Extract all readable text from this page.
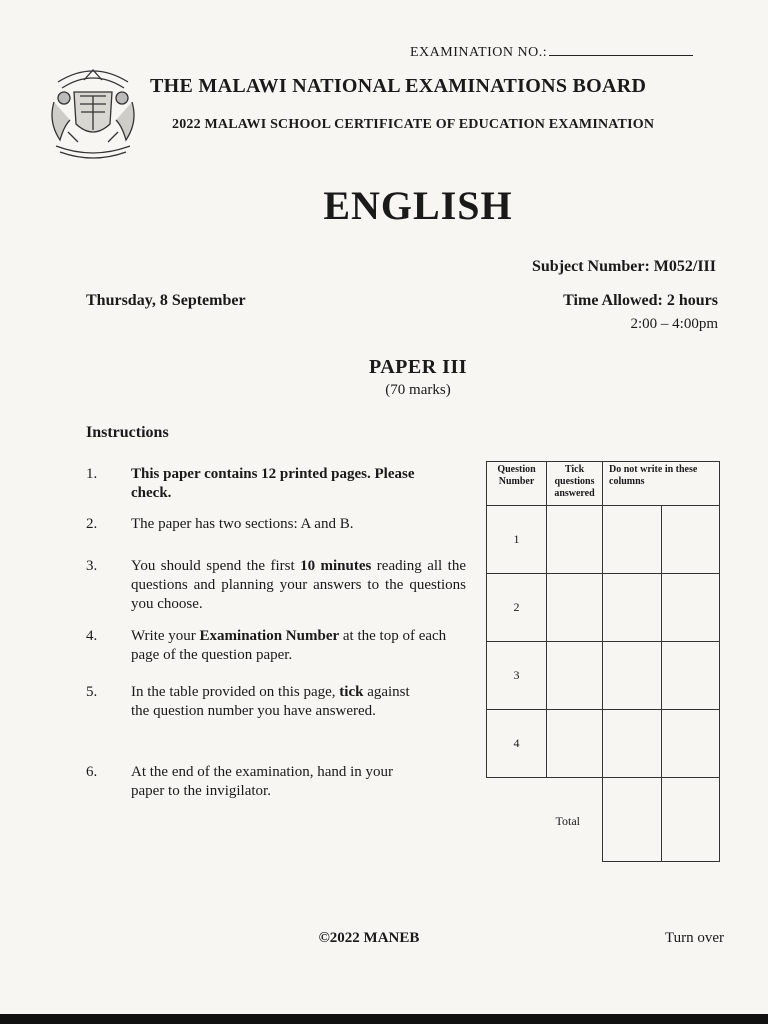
EXAMINATION NO.:
THE MALAWI NATIONAL EXAMINATIONS BOARD
2022 MALAWI SCHOOL CERTIFICATE OF EDUCATION EXAMINATION
ENGLISH
Subject Number: M052/III
Thursday, 8 September	Time Allowed: 2 hours
2:00 – 4:00pm
PAPER III
(70 marks)
Instructions
1.	This paper contains 12 printed pages. Please check.
2.	The paper has two sections: A and B.
3.	You should spend the first 10 minutes reading all the questions and planning your answers to the questions you choose.
4.	Write your Examination Number at the top of each page of the question paper.
5.	In the table provided on this page, tick against the question number you have answered.
6.	At the end of the examination, hand in your paper to the invigilator.
Question Number	Tick questions answered	Do not write in these columns	
1			
2			
3			
4			
Total			
©2022 MANEB	Turn over
